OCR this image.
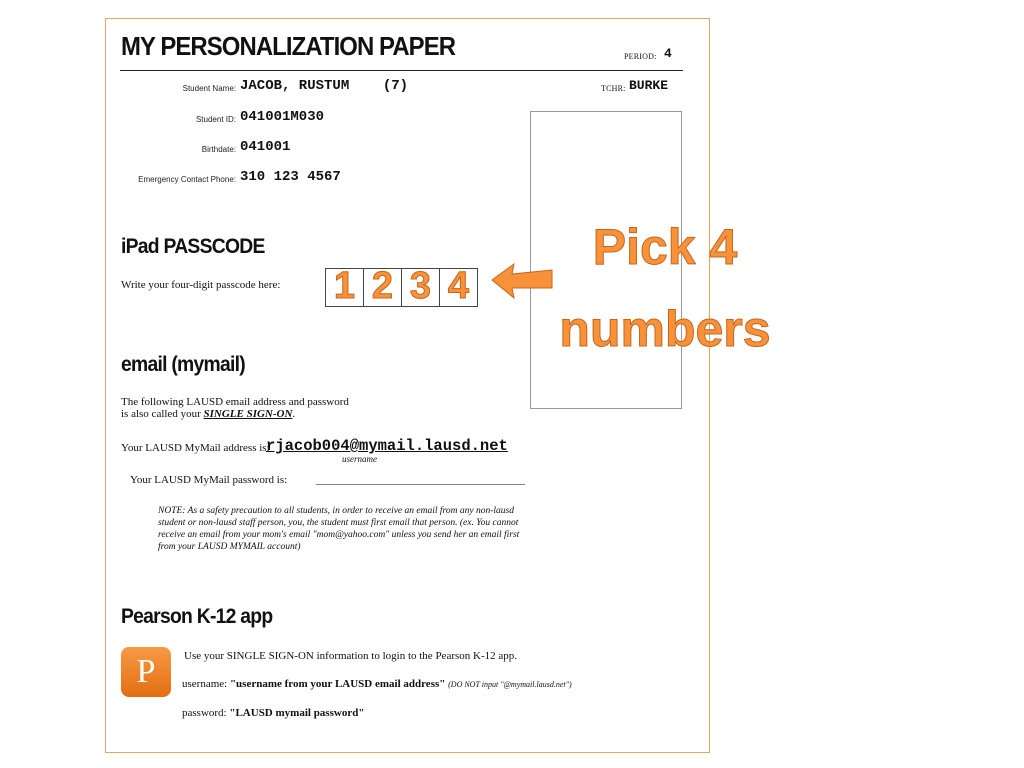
MY PERSONALIZATION PAPER	PERIOD: 4
Student Name: JACOB, RUSTUM    (7)	TCHR: BURKE
Student ID: 041001M030
Birthdate: 041001
Emergency Contact Phone: 310 123 4567
iPad PASSCODE
Write your four-digit passcode here: 1 2 3 4
email (mymail)
The following LAUSD email address and password
is also called your SINGLE SIGN-ON.
Your LAUSD MyMail address is:
rjacob004@mymail.lausd.net
username
Your LAUSD MyMail password is:	______________________________________
NOTE: As a safety precaution to all students, in order to receive an email from any non-lausd
student or non-lausd staff person, you, the student must first email that person. (ex. You cannot
receive an email from your mom's email "mom@yahoo.com" unless you send her an email first
from your LAUSD MYMAIL account)
Pearson K-12 app
P	Use your SINGLE SIGN-ON information to login to the Pearson K-12 app.
username: "username from your LAUSD email address" (DO NOT input "@mymail.lausd.net")
password: "LAUSD mymail password"
Pick 4
numbers
